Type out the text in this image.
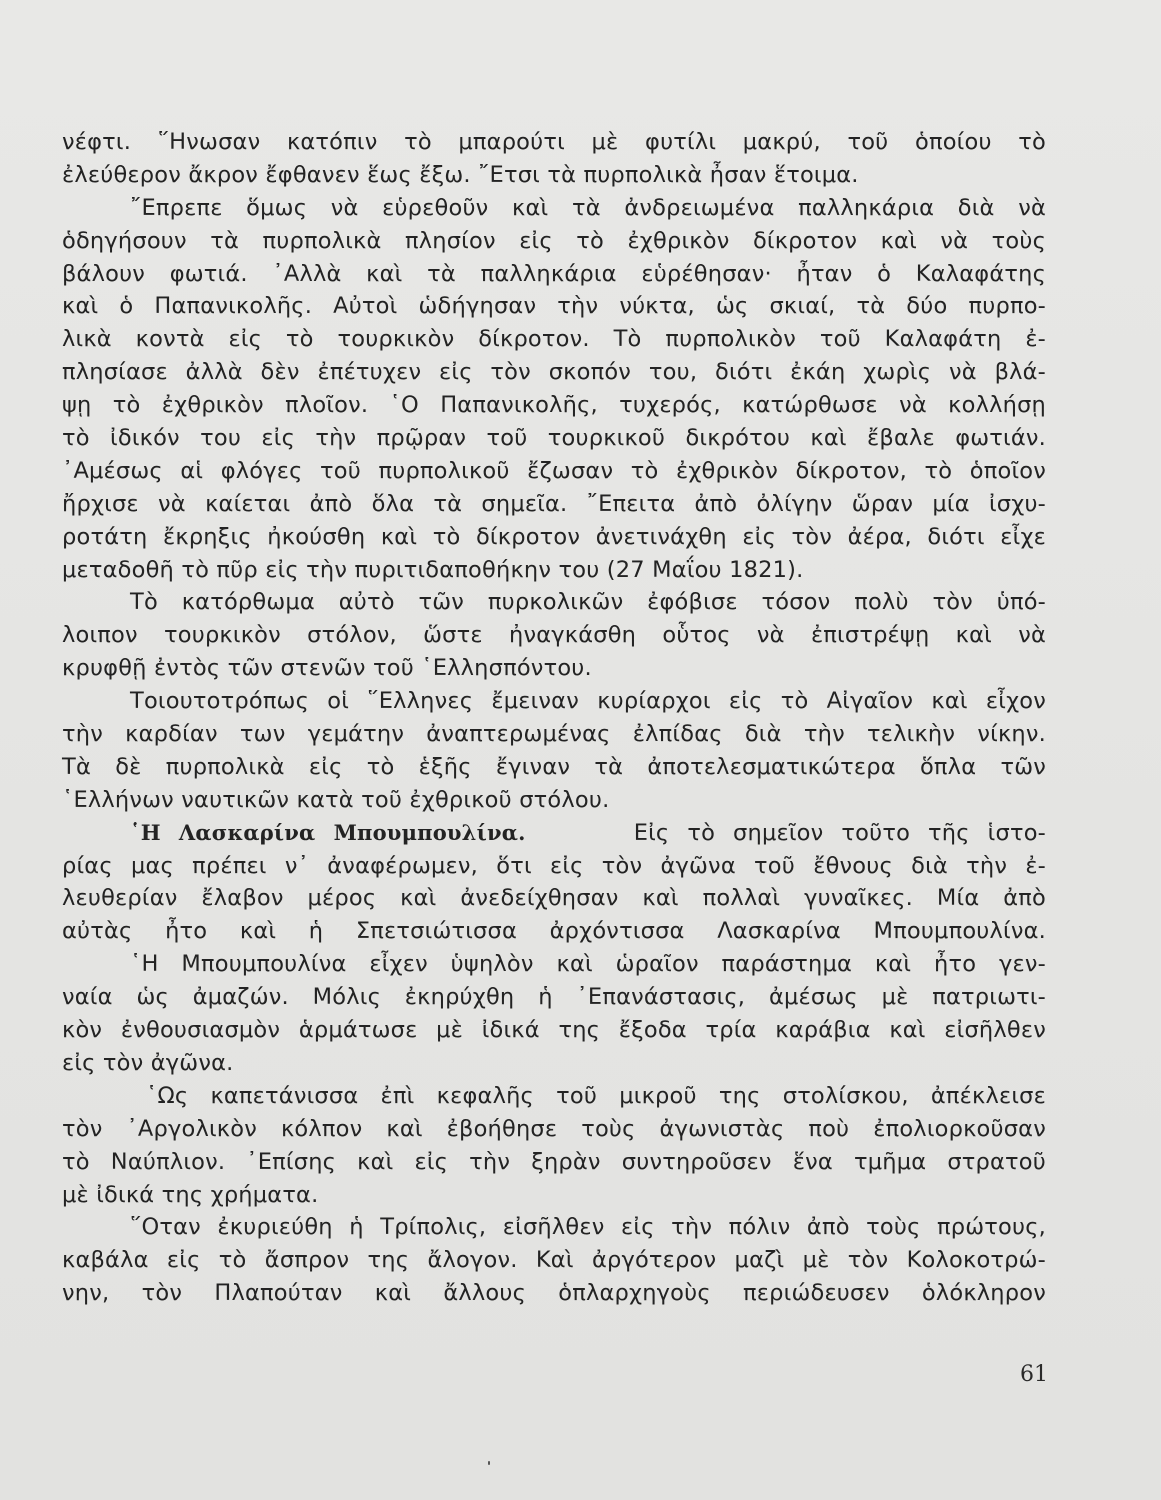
νέφτι. ῞Ηνωσαν κατόπιν τὸ μπαρούτι μὲ φυτίλι μακρύ, τοῦ ὁποίου τὸ
ἐλεύθερον ἄκρον ἔφθανεν ἕως ἔξω. ῎Ετσι τὰ πυρπολικὰ ἦσαν ἕτοιμα.
῎Επρεπε ὅμως νὰ εὑρεθοῦν καὶ τὰ ἀνδρειωμένα παλληκάρια διὰ νὰ
ὁδηγήσουν τὰ πυρπολικὰ πλησίον εἰς τὸ ἐχθρικὸν δίκροτον καὶ νὰ τοὺς
βάλουν φωτιά. ᾿Αλλὰ καὶ τὰ παλληκάρια εὑρέθησαν· ἦταν ὁ Καλαφάτης
καὶ ὁ Παπανικολῆς. Αὐτοὶ ὡδήγησαν τὴν νύκτα, ὡς σκιαί, τὰ δύο πυρπο-
λικὰ κοντὰ εἰς τὸ τουρκικὸν δίκροτον. Τὸ πυρπολικὸν τοῦ Καλαφάτη ἐ-
πλησίασε ἀλλὰ δὲν ἐπέτυχεν εἰς τὸν σκοπόν του, διότι ἐκάη χωρὶς νὰ βλά-
ψῃ τὸ ἐχθρικὸν πλοῖον. ῾Ο Παπανικολῆς, τυχερός, κατώρθωσε νὰ κολλήσῃ
τὸ ἰδικόν του εἰς τὴν πρῷραν τοῦ τουρκικοῦ δικρότου καὶ ἔβαλε φωτιάν.
᾿Αμέσως αἱ φλόγες τοῦ πυρπολικοῦ ἔζωσαν τὸ ἐχθρικὸν δίκροτον, τὸ ὁποῖον
ἤρχισε νὰ καίεται ἀπὸ ὅλα τὰ σημεῖα. ῎Επειτα ἀπὸ ὀλίγην ὥραν μία ἰσχυ-
ροτάτη ἔκρηξις ἠκούσθη καὶ τὸ δίκροτον ἀνετινάχθη εἰς τὸν ἀέρα, διότι εἶχε
μεταδοθῆ τὸ πῦρ εἰς τὴν πυριτιδαποθήκην του (27 Μαΐου 1821).
Τὸ κατόρθωμα αὐτὸ τῶν πυρκολικῶν ἐφόβισε τόσον πολὺ τὸν ὑπό-
λοιπον τουρκικὸν στόλον, ὥστε ἠναγκάσθη οὗτος νὰ ἐπιστρέψῃ καὶ νὰ
κρυφθῇ ἐντὸς τῶν στενῶν τοῦ ῾Ελλησπόντου.
Τοιουτοτρόπως οἱ ῞Ελληνες ἔμειναν κυρίαρχοι εἰς τὸ Αἰγαῖον καὶ εἶχον
τὴν καρδίαν των γεμάτην ἀναπτερωμένας ἐλπίδας διὰ τὴν τελικὴν νίκην.
Τὰ δὲ πυρπολικὰ εἰς τὸ ἑξῆς ἔγιναν τὰ ἀποτελεσματικώτερα ὅπλα τῶν
῾Ελλήνων ναυτικῶν κατὰ τοῦ ἐχθρικοῦ στόλου.
῾Η Λασκαρίνα Μπουμπουλίνα.	Εἰς τὸ σημεῖον τοῦτο τῆς ἱστο-
ρίας μας πρέπει ν᾿ ἀναφέρωμεν, ὅτι εἰς τὸν ἀγῶνα τοῦ ἔθνους διὰ τὴν ἐ-
λευθερίαν ἔλαβον μέρος καὶ ἀνεδείχθησαν καὶ πολλαὶ γυναῖκες. Μία ἀπὸ
αὐτὰς ἦτο καὶ ἡ Σπετσιώτισσα ἀρχόντισσα Λασκαρίνα Μπουμπουλίνα.
῾Η Μπουμπουλίνα εἶχεν ὑψηλὸν καὶ ὡραῖον παράστημα καὶ ἦτο γεν-
ναία ὡς ἀμαζών. Μόλις ἐκηρύχθη ἡ ᾿Επανάστασις, ἀμέσως μὲ πατριωτι-
κὸν ἐνθουσιασμὸν ἁρμάτωσε μὲ ἰδικά της ἔξοδα τρία καράβια καὶ εἰσῆλθεν
εἰς τὸν ἀγῶνα.
῾Ως καπετάνισσα ἐπὶ κεφαλῆς τοῦ μικροῦ της στολίσκου, ἀπέκλεισε
τὸν ᾿Αργολικὸν κόλπον καὶ ἐβοήθησε τοὺς ἀγωνιστὰς ποὺ ἐπολιορκοῦσαν
τὸ Ναύπλιον. ᾿Επίσης καὶ εἰς τὴν ξηρὰν συντηροῦσεν ἕνα τμῆμα στρατοῦ
μὲ ἰδικά της χρήματα.
῞Οταν ἐκυριεύθη ἡ Τρίπολις, εἰσῆλθεν εἰς τὴν πόλιν ἀπὸ τοὺς πρώτους,
καβάλα εἰς τὸ ἄσπρον της ἄλογον. Καὶ ἀργότερον μαζὶ μὲ τὸν Κολοκοτρώ-
νην, τὸν Πλαπούταν καὶ ἄλλους ὁπλαρχηγοὺς περιώδευσεν ὁλόκληρον
61
